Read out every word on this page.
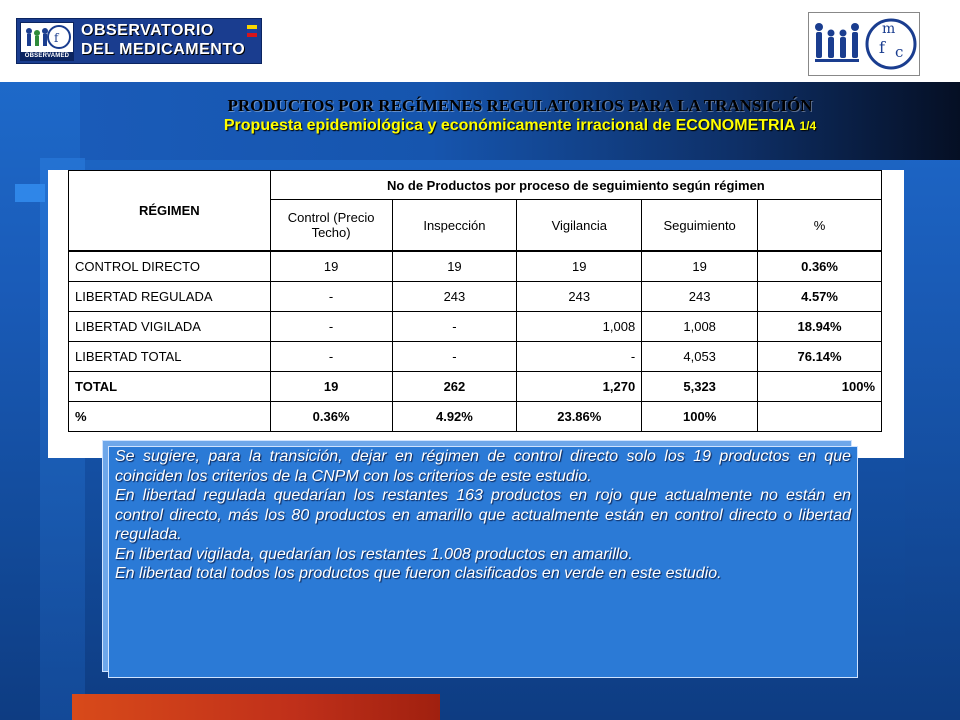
f
OBSERVAMED
OBSERVATORIO
DEL MEDICAMENTO
m
f c
PRODUCTOS POR REGÍMENES REGULATORIOS PARA LA TRANSICIÓN
Propuesta epidemiológica y económicamente irracional de ECONOMETRIA 1/4
RÉGIMEN	No de Productos por proceso de seguimiento según régimen				
	Control (Precio Techo)	Inspección	Vigilancia	Seguimiento	%
CONTROL DIRECTO	19	19	19	19	0.36%
LIBERTAD REGULADA	-	243	243	243	4.57%
LIBERTAD VIGILADA	-	-	1,008	1,008	18.94%
LIBERTAD TOTAL	-	-	-	4,053	76.14%
TOTAL	19	262	1,270	5,323	100%
%	0.36%	4.92%	23.86%	100%	

Se sugiere, para la transición, dejar en régimen de control directo solo los 19 productos en que coinciden los criterios de la CNPM con los criterios de este estudio.

En libertad regulada quedarían los restantes 163 productos en rojo que actualmente no están en control directo, más los 80 productos en amarillo que actualmente están en control directo o libertad regulada.

En libertad vigilada, quedarían los restantes 1.008 productos en amarillo.

En libertad total todos los productos que fueron clasificados en verde en este estudio.
